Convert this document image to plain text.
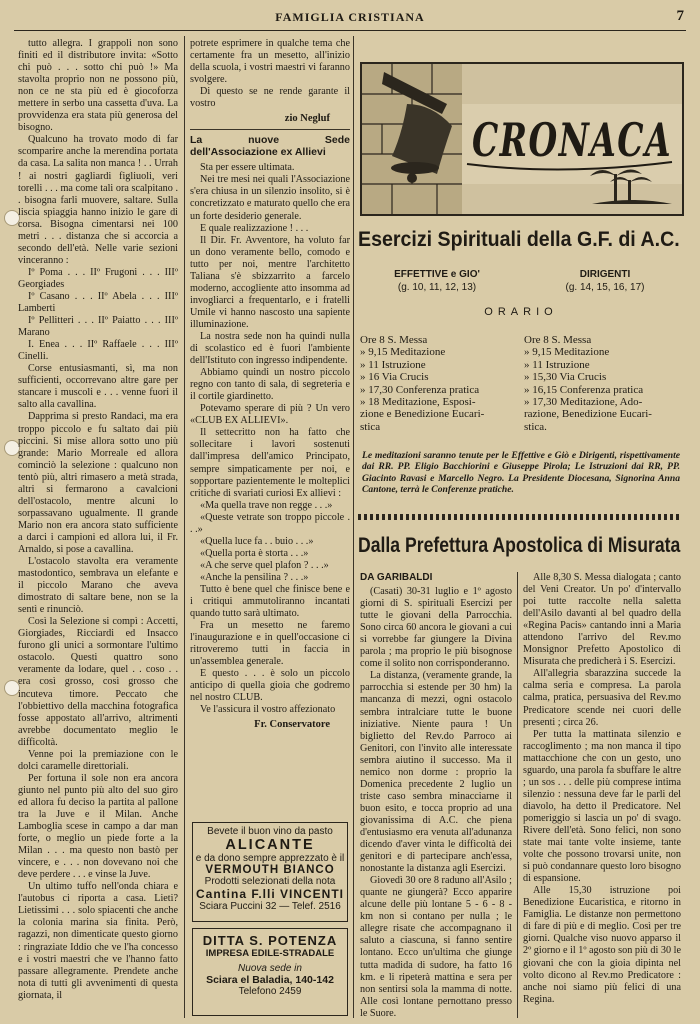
FAMIGLIA CRISTIANA	7

tutto allegra. I grappoli non sono finiti ed il distributore invita: «Sotto chi può . . . sotto chi può !» Ma stavolta proprio non ne possono più, non ce ne sta più ed è giocoforza mettere in serbo una cassetta d'uva. La provvidenza era stata più generosa del bisogno.

Qualcuno ha trovato modo di far scomparire anche la merendina portata da casa. La salita non manca ! . . Urrah ! ai nostri gagliardi figliuoli, veri torelli . . . ma come tali ora scalpitano . . bisogna farli muovere, saltare. Sulla liscia spiaggia hanno inizio le gare di corsa. Bisogna cimentarsi nei 100 metri . . . distanza che si accorcia a secondo dell'età. Nelle varie sezioni vinceranno :

Iº Poma . . . IIº Frugoni . . . IIIº Georgiades

Iº Casano . . . IIº Abela . . . IIIº Lamberti

Iº Pellitteri . . . IIº Paiatto . . . IIIº Marano

I. Enea . . . IIº Raffaele . . . IIIº Cinelli.

Corse entusiasmanti, sì, ma non sufficienti, occorrevano altre gare per stancare i muscoli e . . . venne fuori il salto alla cavallina.

Dapprima si presto Randaci, ma era troppo piccolo e fu saltato dai più piccini. Si mise allora sotto uno più grande: Mario Morreale ed allora cominciò la selezione : qualcuno non tentò più, altri rimasero a metà strada, altri si fermarono a cavalcioni dell'ostacolo, mentre alcuni lo sorpassavano ugualmente. Il grande Mario non era ancora stato sufficiente a darci i campioni ed allora lui, il Fr. Arnaldo, si pose a cavallina.

L'ostacolo stavolta era veramente mastodontico, sembrava un elefante e il piccolo Marano che aveva dimostrato di saltare bene, non se la sentì e rinunciò.

Così la Selezione si compì : Accetti, Giorgiades, Ricciardi ed Insacco furono gli unici a sormontare l'ultimo ostacolo. Questi quattro sono veramente da lodare, quel . . coso . . era così grosso, così grosso che incuteva timore. Peccato che l'obbiettivo della macchina fotografica fosse appostato all'arrivo, altrimenti avrebbe documentato meglio le difficoltà.

Venne poi la premiazione con le dolci caramelle direttoriali.

Per fortuna il sole non era ancora giunto nel punto più alto del suo giro ed allora fu deciso la partita al pallone tra la Juve e il Milan. Anche Lamboglia scese in campo a dar man forte, o meglio un piede forte a la Milan . . . ma questo non bastò per vincere, e . . . non dovevano noi che deve perdere . . . e vinse la Juve.

Un ultimo tuffo nell'onda chiara e l'autobus ci riporta a casa. Lieti? Lietissimi . . . solo spiacenti che anche la colonia marina sia finita. Però, ragazzi, non dimenticate questo giorno : ringraziate Iddio che ve l'ha concesso e i vostri maestri che ve l'hanno fatto passare allegramente. Prendete anche nota di tutti gli avvenimenti di questa giornata, il

potrete esprimere in qualche tema che certamente fra un mesetto, all'inizio della scuola, i vostri maestri vi faranno svolgere.

Di questo se ne rende garante il vostro

zio Negluf
La nuove Sede dell'Associazione ex Allievi

Sta per essere ultimata.

Nei tre mesi nei quali l'Associazione s'era chiusa in un silenzio insolito, si è concretizzato e maturato quello che era un forte desiderio generale.

E quale realizzazione ! . . .

Il Dir. Fr. Avventore, ha voluto far un dono veramente bello, comodo e tutto per noi, mentre l'architetto Taliana s'è sbizzarrito a farcelo moderno, accogliente atto insomma ad invogliarci a frequentarlo, e i fratelli Umile vi hanno nascosto una sapiente illuminazione.

La nostra sede non ha quindi nulla di scolastico ed è fuori l'ambiente dell'Istituto con ingresso indipendente.

Abbiamo quindi un nostro piccolo regno con tanto di sala, di segreteria e il cortile giardinetto.

Potevamo sperare di più ? Un vero «CLUB EX ALLIEVI».

Il settecritto non ha fatto che sollecitare i lavori sostenuti dall'impresa dell'amico Principato, sempre simpaticamente per noi, e sopportare pazientemente le molteplici critiche di svariati curiosi Ex allievi :

«Ma quella trave non regge . . .»

«Queste vetrate son troppo piccole . . .»

«Quella luce fa . . buio . . .»

«Quella porta è storta . . .»

«A che serve quel plafon ? . . .»

«Anche la pensilina ? . . .»

Tutto è bene quel che finisce bene e i critiqui ammutoliranno incantati quando tutto sarà ultimato.

Fra un mesetto ne faremo l'inaugurazione e in quell'occasione ci ritroveremo tutti in faccia in un'assemblea generale.

E questo . . . è solo un piccolo anticipo di quella gioia che godremo nel nostro CLUB.

Ve l'assicura il vostro affezionato

Fr. Conservatore
Bevete il buon vino da pasto
ALICANTE
e da dono sempre apprezzato è il
VERMOUTH BIANCO
Prodotti selezionati della nota
Cantina F.lli VINCENTI
Sciara Puccini 32 — Telef. 2516
DITTA S. POTENZA
IMPRESA EDILE-STRADALE
Nuova sede in
Sciara el Baladia, 140-142
Telefono 2459
CRONACA
Esercizi Spirituali della G.F. di A.C.
EFFETTIVE e GIO'
(g. 10, 11, 12, 13)
DIRIGENTI
(g. 14, 15, 16, 17)
ORARIO
Ore 8 S. Messa
» 9,15 Meditazione
» 11 Istruzione
» 16 Via Crucis
» 17,30 Conferenza pratica
» 18 Meditazione, Esposi-
zione e Benedizione Eucari-
stica
Ore 8 S. Messa
» 9,15 Meditazione
» 11 Istruzione
» 15,30 Via Crucis
» 16,15 Conferenza pratica
» 17,30 Meditazione, Ado-
razione, Benedizione Eucari-
stica.
Le meditazioni saranno tenute per le Effettive e Giò e Dirigenti, rispettivamente dai RR. PP. Eligio Bacchiorini e Giuseppe Pirola; Le Istruzioni dai RR, PP. Giacinto Ravasi e Marcello Negro. La Presidente Diocesana, Signorina Anna Cantone, terrà le Conferenze pratiche.
Dalla Prefettura Apostolica di Misurata
DA GARIBALDI

(Casati) 30-31 luglio e 1º agosto giorni di S. spirituali Esercizi per tutte le giovani della Parrocchia. Sono circa 60 ancora le giovani a cui si vorrebbe far giungere la Divina parola ; ma proprio le più bisognose come il solito non corrisponderanno.

La distanza, (veramente grande, la parrocchia si estende per 30 hm) la mancanza di mezzi, ogni ostacolo sembra intralciare tutte le buone iniziative. Niente paura ! Un biglietto del Rev.do Parroco ai Genitori, con l'invito alle interessate sembra aiutino il successo. Ma il nemico non dorme : proprio la Domenica precedente 2 luglio un triste caso sembra minacciarne il buon esito, e tocca proprio ad una giovanissima di A.C. che piena d'entusiasmo era venuta all'adunanza dicendo d'aver vinta le difficoltà dei genitori e di partecipare anch'essa, nonostante la distanza agli Esercizi.

Giovedì 30 ore 8 raduno all'Asilo ; quante ne giungerà? Ecco apparire alcune delle più lontane 5 - 6 - 8 - km non si contano per nulla ; le allegre risate che accompagnano il saluto a ciascuna, si fanno sentire lontano. Ecco un'ultima che giunge tutta madida di sudore, ha fatto 16 km. e li ripeterà mattina e sera per non sentirsi sola la mamma di notte. Alle così lontane pernottano presso le Suore.

Alle 8,30 S. Messa dialogata ; canto del Veni Creator. Un po' d'intervallo poi tutte raccolte nella saletta dell'Asilo davanti al bel quadro della «Regina Pacis» cantando inni a Maria attendono l'arrivo del Rev.mo Monsignor Prefetto Apostolico di Misurata che predicherà i S. Esercizi.

All'allegria sbarazzina succede la calma seria e compresa. La parola calma, pratica, persuasiva del Rev.mo Predicatore scende nei cuori delle presenti ; circa 26.

Per tutta la mattinata silenzio e raccoglimento ; ma non manca il tipo mattacchione che con un gesto, uno sguardo, una parola fa sbuffare le altre ; un sos . . . delle più comprese intima silenzio : nessuna deve far le parli del diavolo, ha detto il Predicatore. Nel pomeriggio si lascia un po' di svago. Rivere dell'età. Sono felici, non sono state mai tante volte insieme, tante volte che possono trovarsi unite, non si può condannare questo loro bisogno di espansione.

Alle 15,30 istruzione poi Benedizione Eucaristica, e ritorno in Famiglia. Le distanze non permettono di fare di più e di meglio. Così per tre giorni. Qualche viso nuovo apparso il 2º giorno e il 1º agosto son più di 30 le giovani che con la gioia dipinta nel volto dicono al Rev.mo Predicatore : anche noi siamo più felici di una Regina.
